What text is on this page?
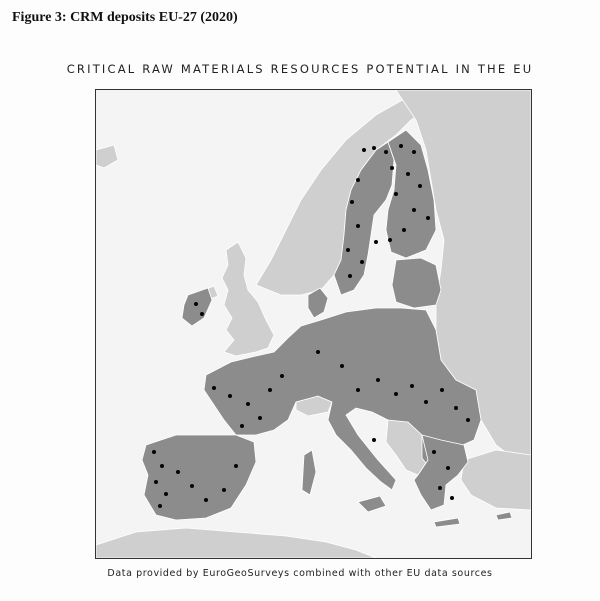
Figure 3: CRM deposits EU-27 (2020)
CRITICAL RAW MATERIALS RESOURCES POTENTIAL IN THE EU
Data provided by EuroGeoSurveys combined with other EU data sources
